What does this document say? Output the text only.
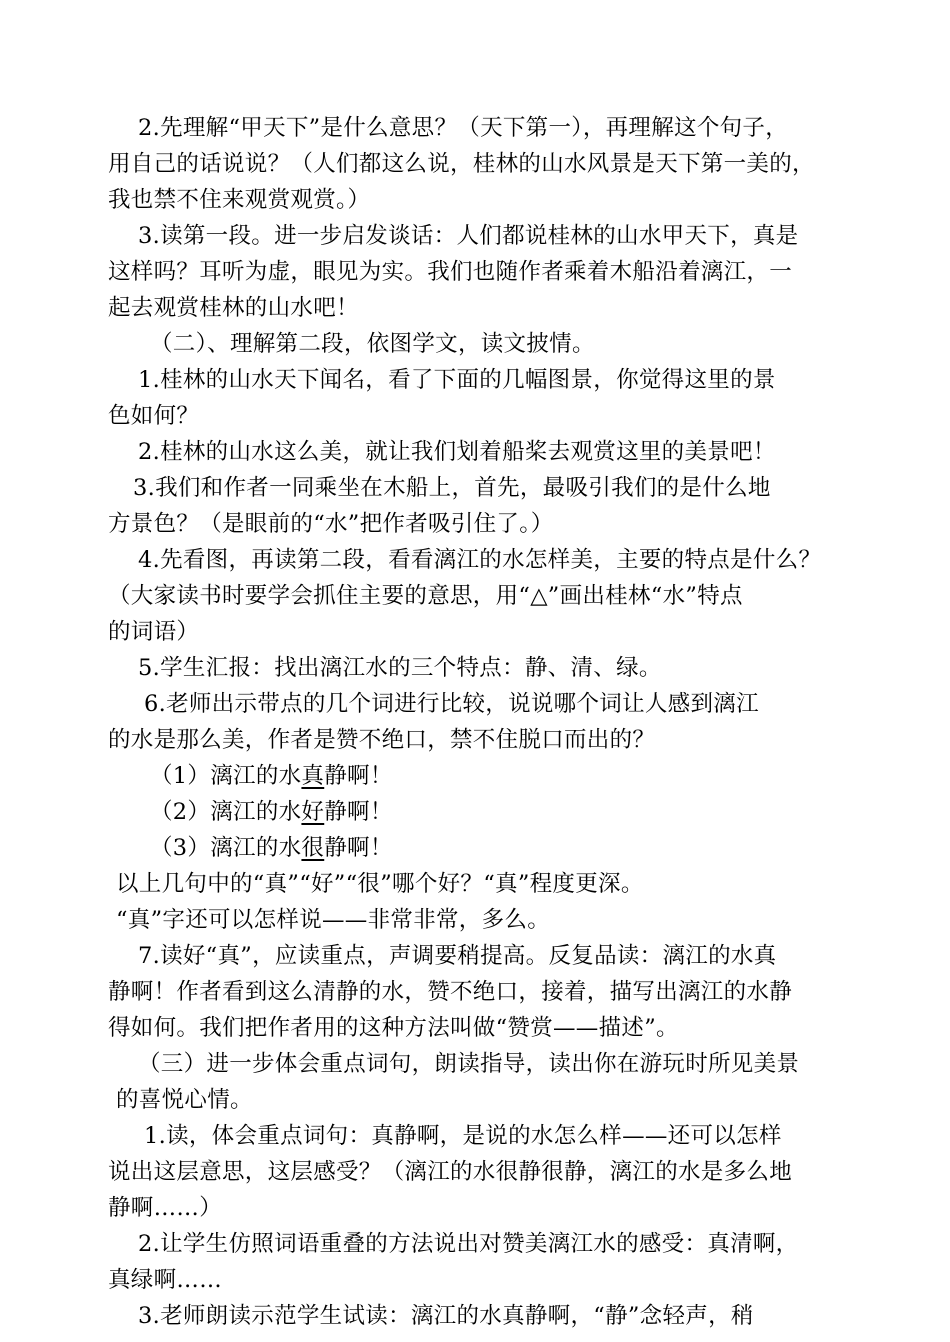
2.先理解“甲天下”是什么意思？（天下第一），再理解这个句子，
用自己的话说说？（人们都这么说，桂林的山水风景是天下第一美的，
我也禁不住来观赏观赏。）
3.读第一段。进一步启发谈话：人们都说桂林的山水甲天下，真是
这样吗？耳听为虚，眼见为实。我们也随作者乘着木船沿着漓江，一
起去观赏桂林的山水吧！
（二）、理解第二段，依图学文，读文披情。
1.桂林的山水天下闻名，看了下面的几幅图景，你觉得这里的景
色如何？
2.桂林的山水这么美，就让我们划着船桨去观赏这里的美景吧！
3.我们和作者一同乘坐在木船上，首先，最吸引我们的是什么地
方景色？（是眼前的“水”把作者吸引住了。）
4.先看图，再读第二段，看看漓江的水怎样美，主要的特点是什么？
（大家读书时要学会抓住主要的意思，用“△”画出桂林“水”特点
的词语）
5.学生汇报：找出漓江水的三个特点：静、清、绿。
6.老师出示带点的几个词进行比较，说说哪个词让人感到漓江
的水是那么美，作者是赞不绝口，禁不住脱口而出的？
（1）漓江的水真静啊！
（2）漓江的水好静啊！
（3）漓江的水很静啊！
以上几句中的“真”“好”“很”哪个好？“真”程度更深。
“真”字还可以怎样说——非常非常，多么。
7.读好“真”，应读重点，声调要稍提高。反复品读：漓江的水真
静啊！作者看到这么清静的水，赞不绝口，接着，描写出漓江的水静
得如何。我们把作者用的这种方法叫做“赞赏——描述”。
（三）进一步体会重点词句，朗读指导，读出你在游玩时所见美景
的喜悦心情。
1.读，体会重点词句：真静啊，是说的水怎么样——还可以怎样
说出这层意思，这层感受？（漓江的水很静很静，漓江的水是多么地
静啊……）
2.让学生仿照词语重叠的方法说出对赞美漓江水的感受：真清啊，
真绿啊……
3.老师朗读示范学生试读：漓江的水真静啊，“静”念轻声，稍
